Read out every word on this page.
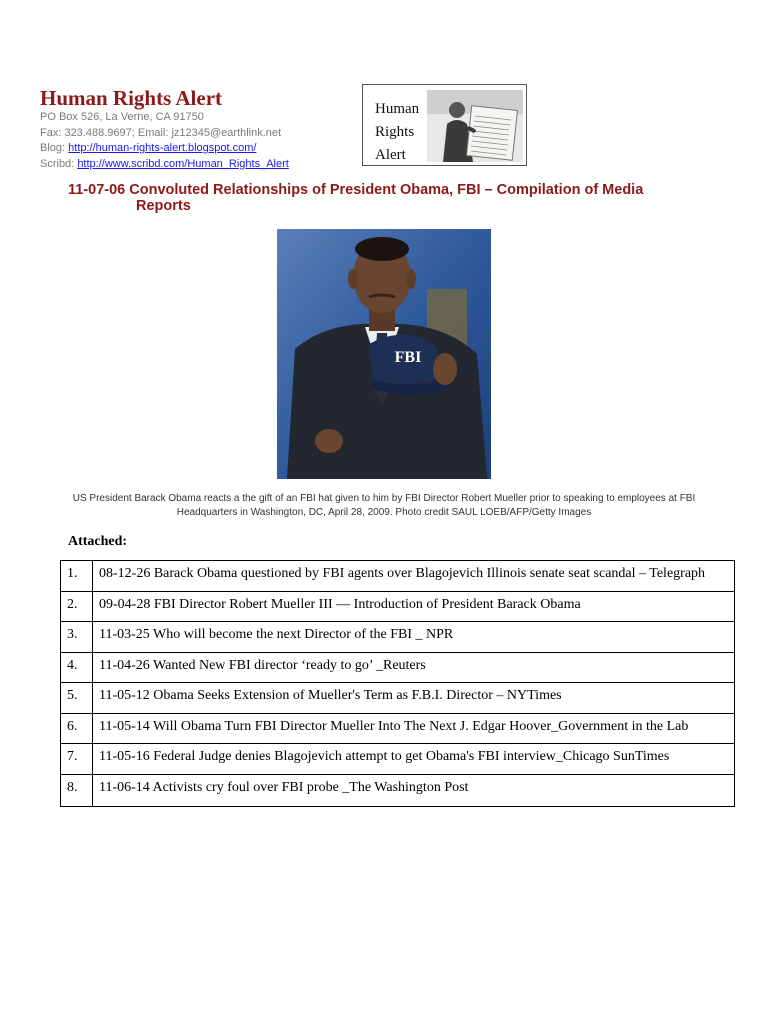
Human Rights Alert
PO Box 526, La Verne, CA 91750
Fax: 323.488.9697; Email: jz12345@earthlink.net
Blog: http://human-rights-alert.blogspot.com/
Scribd: http://www.scribd.com/Human_Rights_Alert
Human
Rights
Alert
11-07-06 Convoluted Relationships of President Obama, FBI – Compilation of Media
Reports
FBI
US President Barack Obama reacts a the gift of an FBI hat given to him by FBI Director Robert Mueller prior to speaking to employees at FBI Headquarters in Washington, DC, April 28, 2009. Photo credit SAUL LOEB/AFP/Getty Images
Attached:
1.	08-12-26 Barack Obama questioned by FBI agents over Blagojevich Illinois senate seat scandal – Telegraph
2.	09-04-28 FBI Director Robert Mueller III — Introduction of President Barack Obama
3.	11-03-25 Who will become the next Director of the FBI _ NPR
4.	11-04-26 Wanted New FBI director ‘ready to go’ _Reuters
5.	11-05-12 Obama Seeks Extension of Mueller's Term as F.B.I. Director – NYTimes
6.	11-05-14 Will Obama Turn FBI Director Mueller Into The Next J. Edgar Hoover_Government in the Lab
7.	11-05-16 Federal Judge denies Blagojevich attempt to get Obama's FBI interview_Chicago SunTimes
8.	11-06-14 Activists cry foul over FBI probe _The Washington Post
